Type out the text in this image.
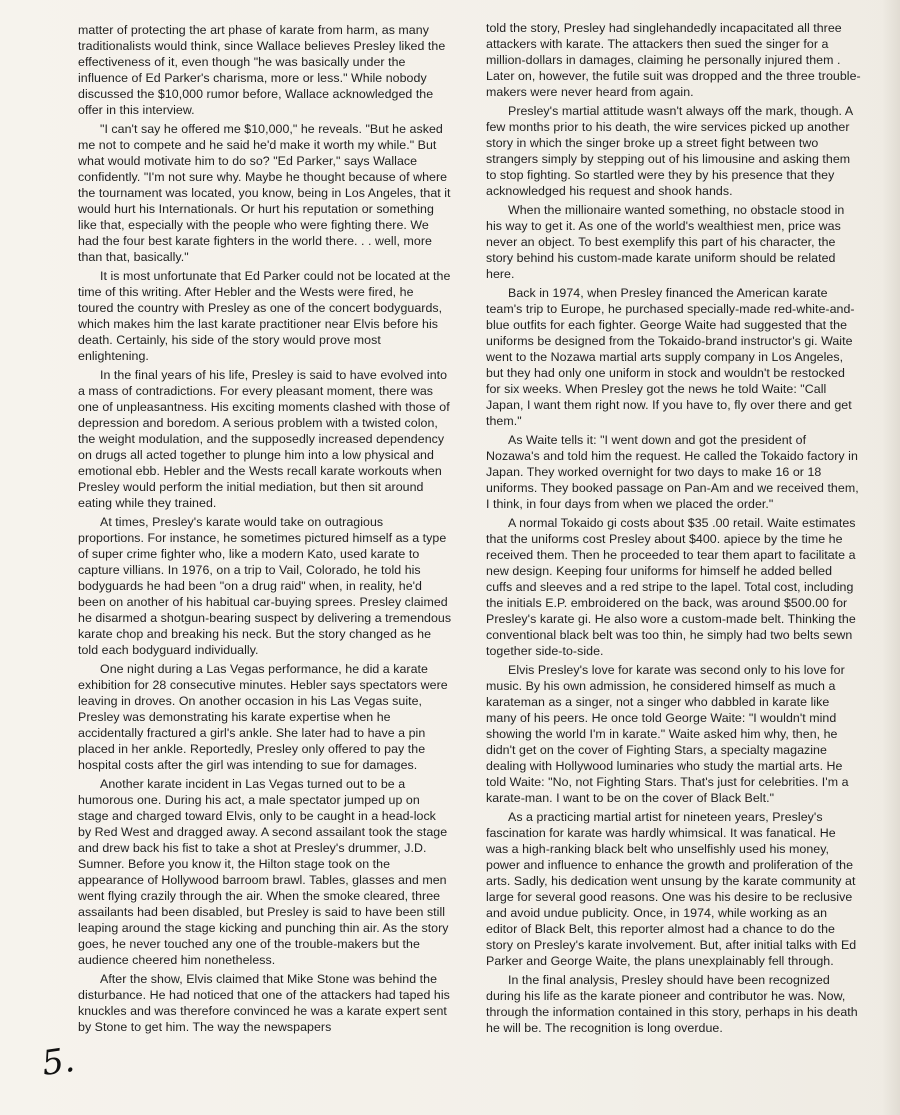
matter of protecting the art phase of karate from harm, as many traditionalists would think, since Wallace believes Presley liked the effectiveness of it, even though "he was basically under the influence of Ed Parker's charisma, more or less." While nobody discussed the $10,000 rumor before, Wallace acknowledged the offer in this interview.

"I can't say he offered me $10,000," he reveals. "But he asked me not to compete and he said he'd make it worth my while." But what would motivate him to do so? "Ed Parker," says Wallace confidently. "I'm not sure why. Maybe he thought because of where the tournament was located, you know, being in Los Angeles, that it would hurt his Internationals. Or hurt his reputation or something like that, especially with the people who were fighting there. We had the four best karate fighters in the world there. . . well, more than that, basically."

It is most unfortunate that Ed Parker could not be located at the time of this writing. After Hebler and the Wests were fired, he toured the country with Presley as one of the concert bodyguards, which makes him the last karate practitioner near Elvis before his death. Certainly, his side of the story would prove most enlightening.

In the final years of his life, Presley is said to have evolved into a mass of contradictions. For every pleasant moment, there was one of unpleasantness. His exciting moments clashed with those of depression and boredom. A serious problem with a twisted colon, the weight modulation, and the supposedly increased dependency on drugs all acted together to plunge him into a low physical and emotional ebb. Hebler and the Wests recall karate workouts when Presley would perform the initial mediation, but then sit around eating while they trained.

At times, Presley's karate would take on outragious proportions. For instance, he sometimes pictured himself as a type of super crime fighter who, like a modern Kato, used karate to capture villians. In 1976, on a trip to Vail, Colorado, he told his bodyguards he had been "on a drug raid" when, in reality, he'd been on another of his habitual car-buying sprees. Presley claimed he disarmed a shotgun-bearing suspect by delivering a tremendous karate chop and breaking his neck. But the story changed as he told each bodyguard individually.

One night during a Las Vegas performance, he did a karate exhibition for 28 consecutive minutes. Hebler says spectators were leaving in droves. On another occasion in his Las Vegas suite, Presley was demonstrating his karate expertise when he accidentally fractured a girl's ankle. She later had to have a pin placed in her ankle. Reportedly, Presley only offered to pay the hospital costs after the girl was intending to sue for damages.

Another karate incident in Las Vegas turned out to be a humorous one. During his act, a male spectator jumped up on stage and charged toward Elvis, only to be caught in a head-lock by Red West and dragged away. A second assailant took the stage and drew back his fist to take a shot at Presley's drummer, J.D. Sumner. Before you know it, the Hilton stage took on the appearance of Hollywood barroom brawl. Tables, glasses and men went flying crazily through the air. When the smoke cleared, three assailants had been disabled, but Presley is said to have been still leaping around the stage kicking and punching thin air. As the story goes, he never touched any one of the trouble-makers but the audience cheered him nonetheless.

After the show, Elvis claimed that Mike Stone was behind the disturbance. He had noticed that one of the attackers had taped his knuckles and was therefore convinced he was a karate expert sent by Stone to get him. The way the newspapers

told the story, Presley had singlehandedly incapacitated all three attackers with karate. The attackers then sued the singer for a million-dollars in damages, claiming he personally injured them . Later on, however, the futile suit was dropped and the three trouble-makers were never heard from again.

Presley's martial attitude wasn't always off the mark, though. A few months prior to his death, the wire services picked up another story in which the singer broke up a street fight between two strangers simply by stepping out of his limousine and asking them to stop fighting. So startled were they by his presence that they acknowledged his request and shook hands.

When the millionaire wanted something, no obstacle stood in his way to get it. As one of the world's wealthiest men, price was never an object. To best exemplify this part of his character, the story behind his custom-made karate uniform should be related here.

Back in 1974, when Presley financed the American karate team's trip to Europe, he purchased specially-made red-white-and-blue outfits for each fighter. George Waite had suggested that the uniforms be designed from the Tokaido-brand instructor's gi. Waite went to the Nozawa martial arts supply company in Los Angeles, but they had only one uniform in stock and wouldn't be restocked for six weeks. When Presley got the news he told Waite: "Call Japan, I want them right now. If you have to, fly over there and get them."

As Waite tells it: "I went down and got the president of Nozawa's and told him the request. He called the Tokaido factory in Japan. They worked overnight for two days to make 16 or 18 uniforms. They booked passage on Pan-Am and we received them, I think, in four days from when we placed the order."

A normal Tokaido gi costs about $35 .00 retail. Waite estimates that the uniforms cost Presley about $400. apiece by the time he received them. Then he proceeded to tear them apart to facilitate a new design. Keeping four uniforms for himself he added belled cuffs and sleeves and a red stripe to the lapel. Total cost, including the initials E.P. embroidered on the back, was around $500.00 for Presley's karate gi. He also wore a custom-made belt. Thinking the conventional black belt was too thin, he simply had two belts sewn together side-to-side.

Elvis Presley's love for karate was second only to his love for music. By his own admission, he considered himself as much a karateman as a singer, not a singer who dabbled in karate like many of his peers. He once told George Waite: "I wouldn't mind showing the world I'm in karate." Waite asked him why, then, he didn't get on the cover of Fighting Stars, a specialty magazine dealing with Hollywood luminaries who study the martial arts. He told Waite: "No, not Fighting Stars. That's just for celebrities. I'm a karate-man. I want to be on the cover of Black Belt."

As a practicing martial artist for nineteen years, Presley's fascination for karate was hardly whimsical. It was fanatical. He was a high-ranking black belt who unselfishly used his money, power and influence to enhance the growth and proliferation of the arts. Sadly, his dedication went unsung by the karate community at large for several good reasons. One was his desire to be reclusive and avoid undue publicity. Once, in 1974, while working as an editor of Black Belt, this reporter almost had a chance to do the story on Presley's karate involvement. But, after initial talks with Ed Parker and George Waite, the plans unexplainably fell through.

In the final analysis, Presley should have been recognized during his life as the karate pioneer and contributor he was. Now, through the information contained in this story, perhaps in his death he will be. The recognition is long overdue.

5.
